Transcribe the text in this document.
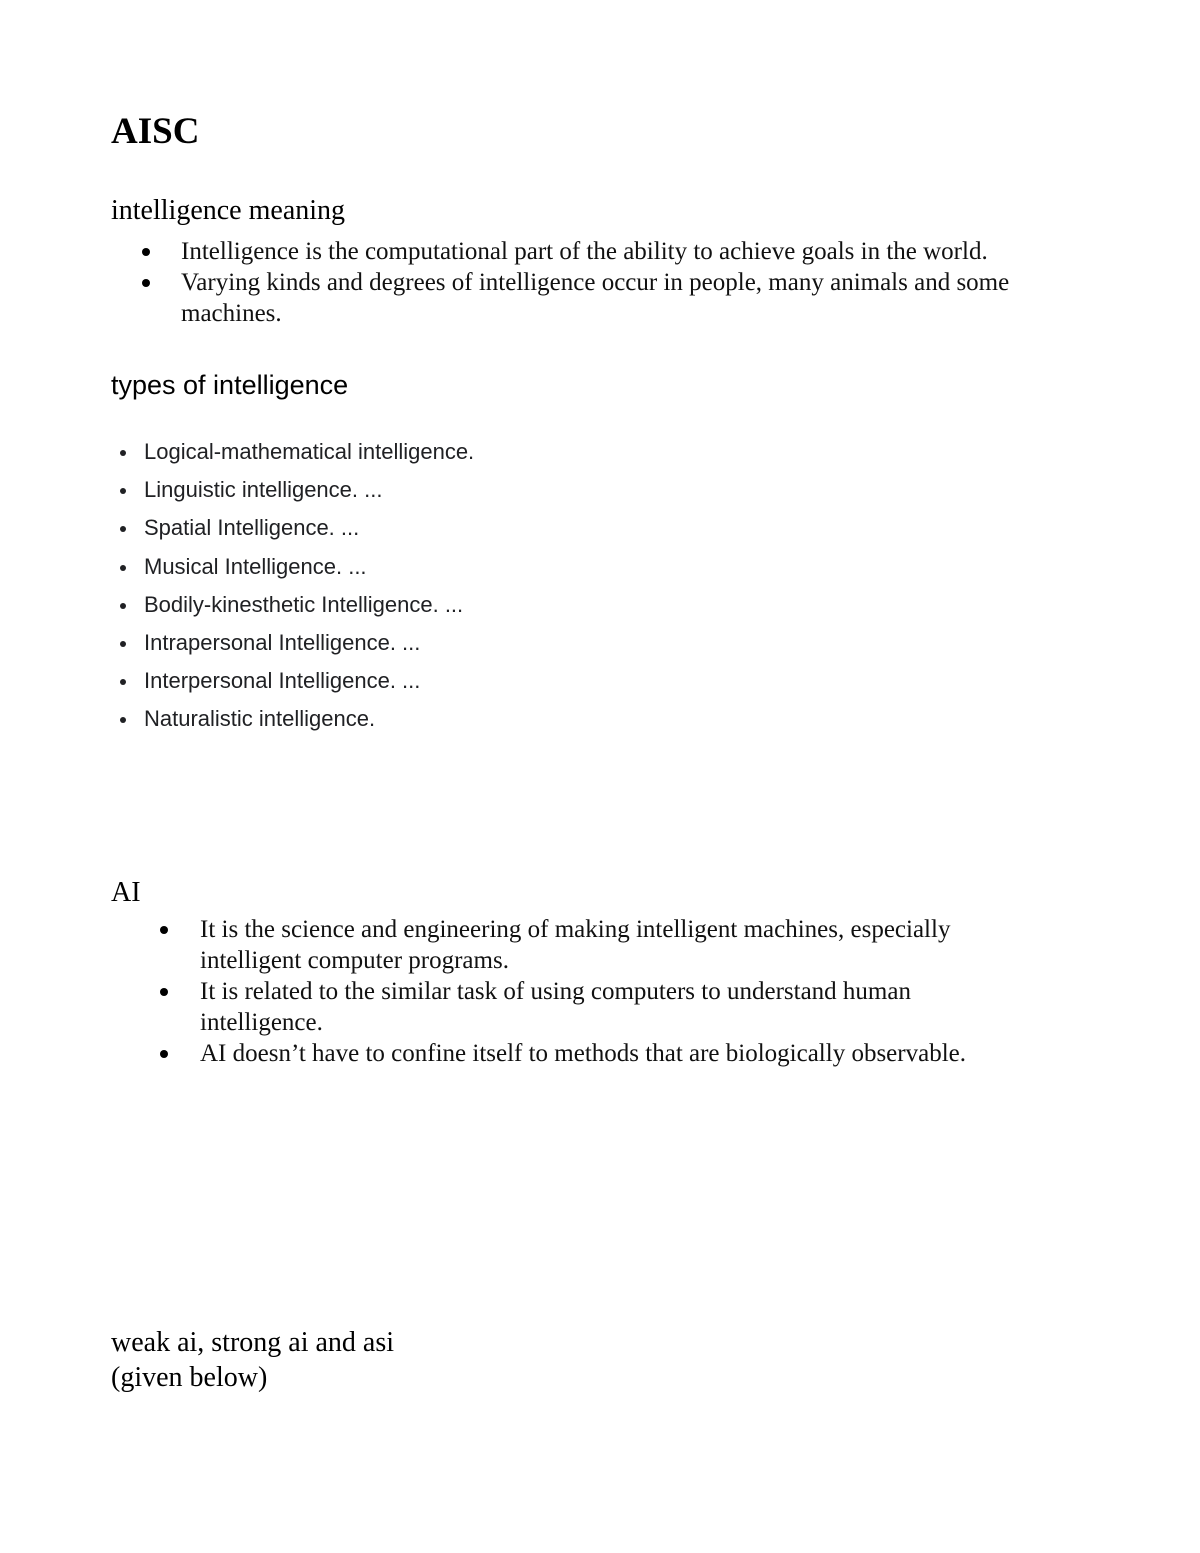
AISC
intelligence meaning
Intelligence is the computational part of the ability to achieve goals in the world.
Varying kinds and degrees of intelligence occur in people, many animals and some machines.
types of intelligence
Logical-mathematical intelligence.
Linguistic intelligence. ...
Spatial Intelligence. ...
Musical Intelligence. ...
Bodily-kinesthetic Intelligence. ...
Intrapersonal Intelligence. ...
Interpersonal Intelligence. ...
Naturalistic intelligence.
AI
It is the science and engineering of making intelligent machines, especially intelligent computer programs.
It is related to the similar task of using computers to understand human intelligence.
AI doesn’t have to confine itself to methods that are biologically observable.

weak ai, strong ai and asi

(given below)
